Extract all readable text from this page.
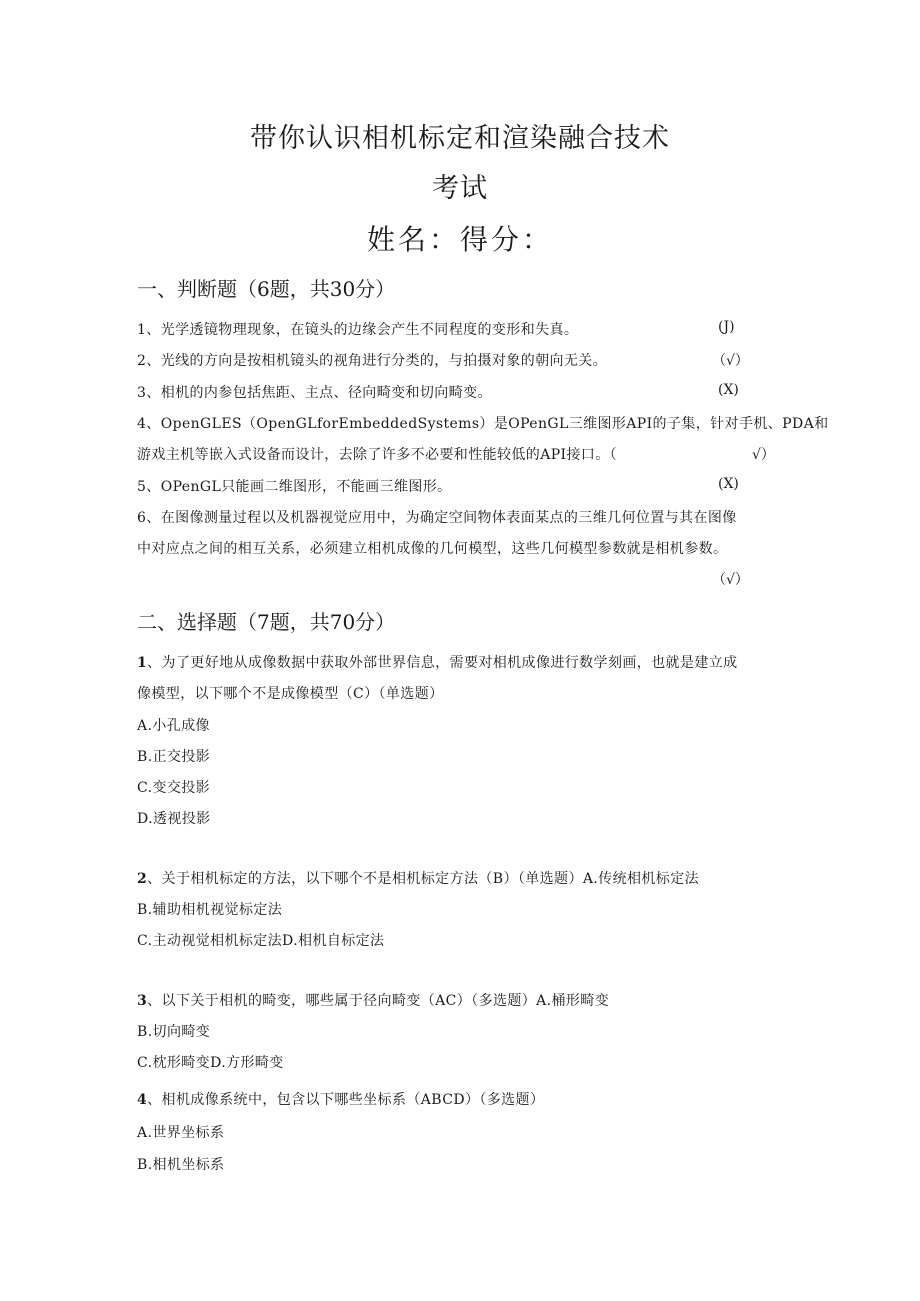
带你认识相机标定和渲染融合技术
考试
姓名：得分：
一、判断题（6题，共30分）
1、光学透镜物理现象，在镜头的边缘会产生不同程度的变形和失真。	(J)
2、光线的方向是按相机镜头的视角进行分类的，与拍摄对象的朝向无关。	（√）
3、相机的内参包括焦距、主点、径向畸变和切向畸变。	(X)
4、OpenGLES（OpenGLforEmbeddedSystems）是OPenGL三维图形API的子集，针对手机、PDA和
游戏主机等嵌入式设备而设计，去除了许多不必要和性能较低的API接口。（	√）
5、OPenGL只能画二维图形，不能画三维图形。	(X)
6、在图像测量过程以及机器视觉应用中，为确定空间物体表面某点的三维几何位置与其在图像
中对应点之间的相互关系，必须建立相机成像的几何模型，这些几何模型参数就是相机参数。
（√）
二、选择题（7题，共70分）
1、为了更好地从成像数据中获取外部世界信息，需要对相机成像进行数学刻画，也就是建立成
像模型，以下哪个不是成像模型（C）（单选题）
A.小孔成像
B.正交投影
C.变交投影
D.透视投影
2、关于相机标定的方法，以下哪个不是相机标定方法（B）（单选题）A.传统相机标定法
B.辅助相机视觉标定法
C.主动视觉相机标定法D.相机自标定法
3、以下关于相机的畸变，哪些属于径向畸变（AC）（多选题）A.桶形畸变
B.切向畸变
C.枕形畸变D.方形畸变
4、相机成像系统中，包含以下哪些坐标系（ABCD）（多选题）
A.世界坐标系
B.相机坐标系
